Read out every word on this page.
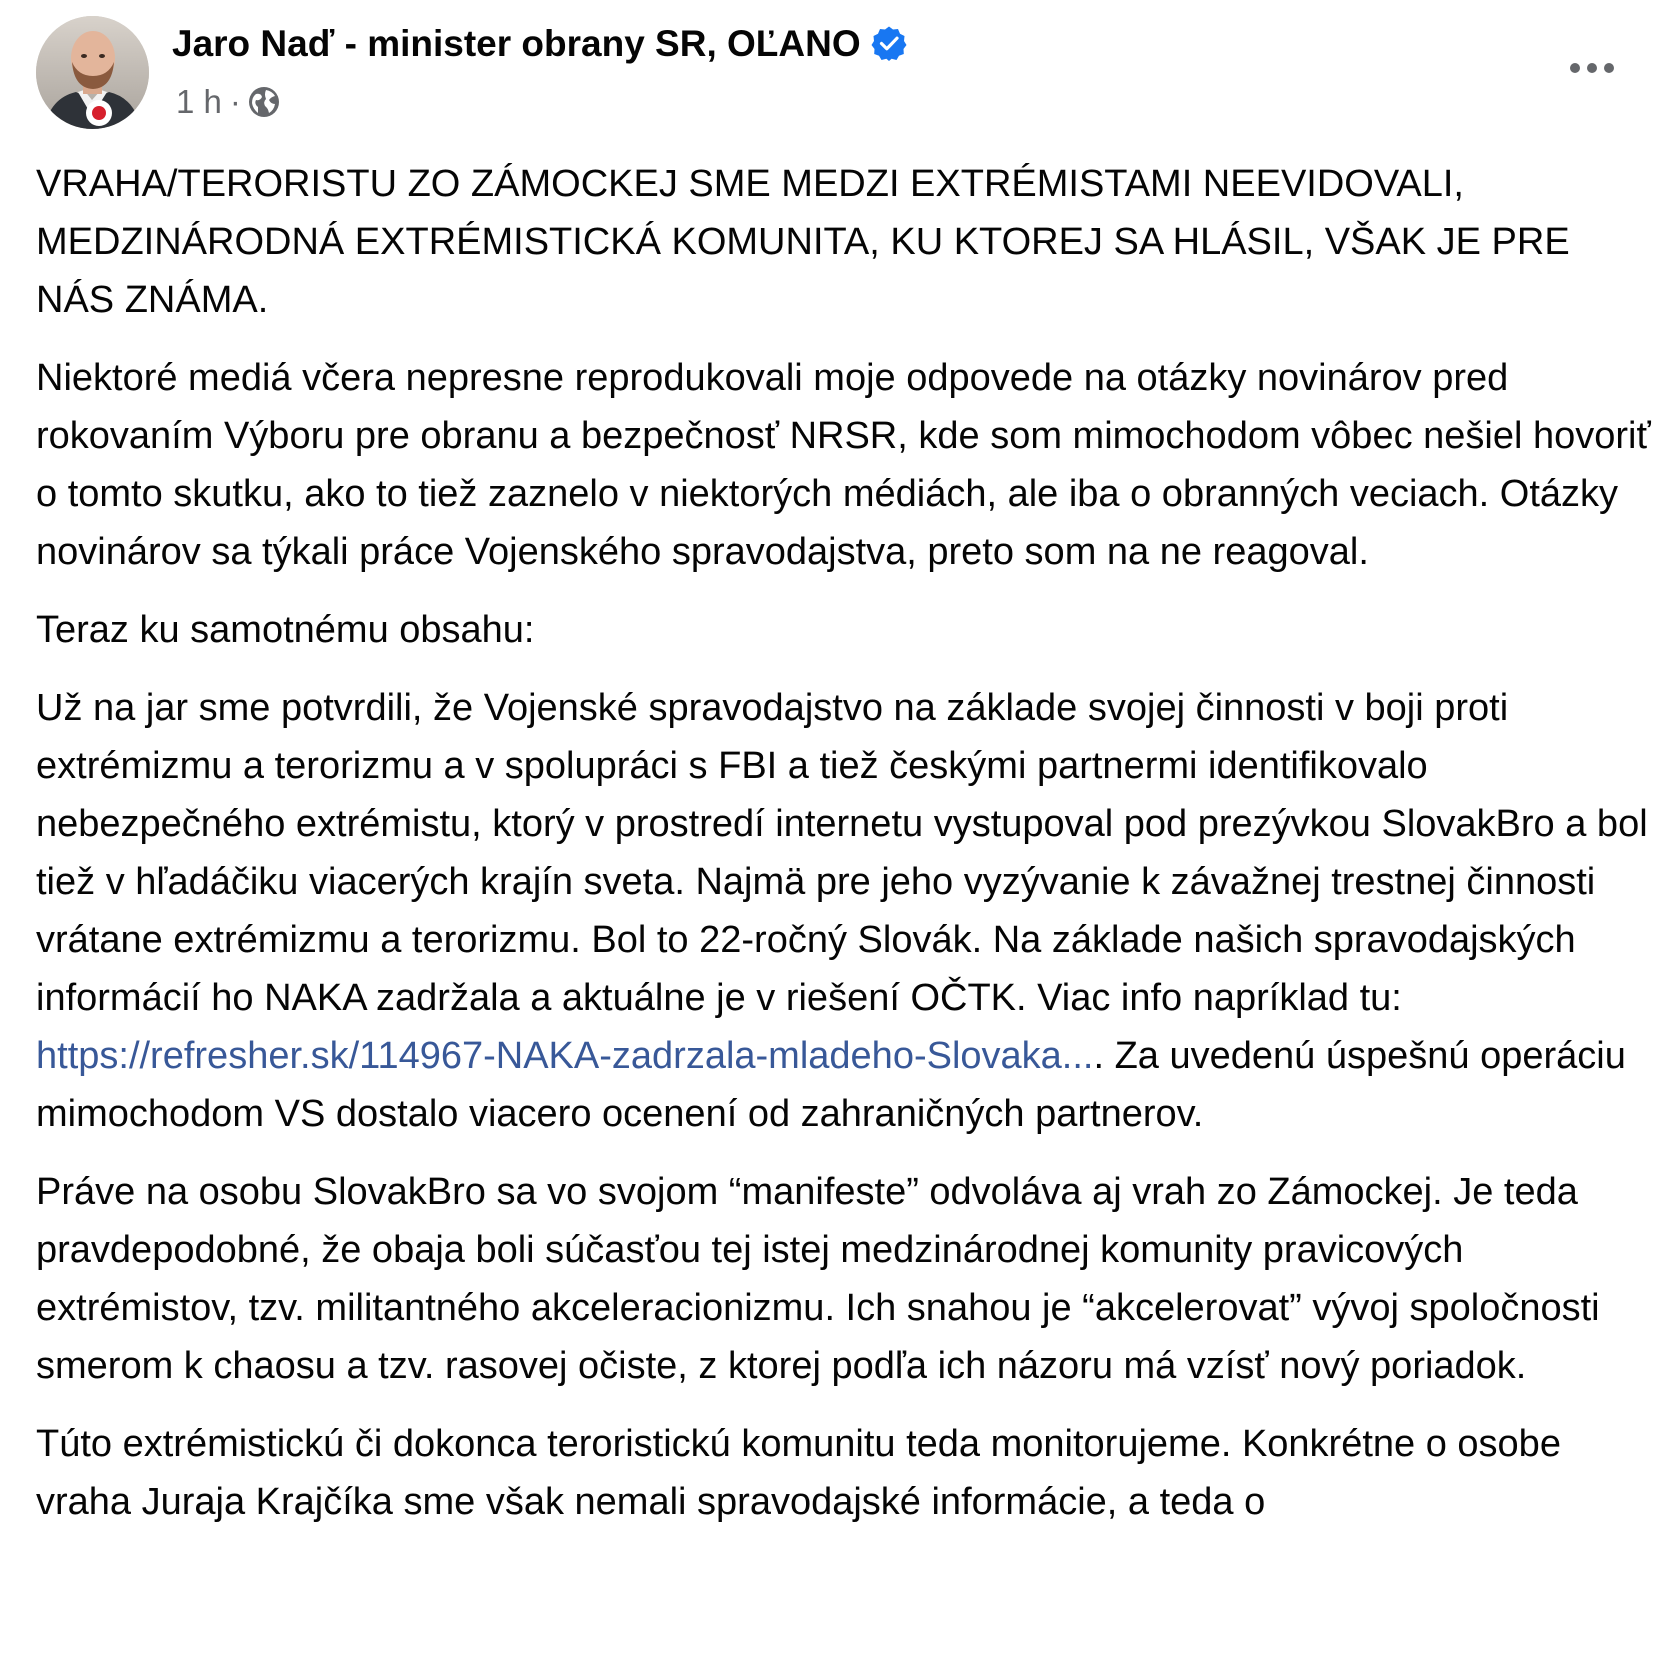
Jaro Naď - minister obrany SR, OĽANO
1 h ·

VRAHA/TERORISTU ZO ZÁMOCKEJ SME MEDZI EXTRÉMISTAMI NEEVIDOVALI, MEDZINÁRODNÁ EXTRÉMISTICKÁ KOMUNITA, KU KTOREJ SA HLÁSIL, VŠAK JE PRE NÁS ZNÁMA.

Niektoré mediá včera nepresne reprodukovali moje odpovede na otázky novinárov pred rokovaním Výboru pre obranu a bezpečnosť NRSR, kde som mimochodom vôbec nešiel hovoriť o tomto skutku, ako to tiež zaznelo v niektorých médiách, ale iba o obranných veciach. Otázky novinárov sa týkali práce Vojenského spravodajstva, preto som na ne reagoval.

Teraz ku samotnému obsahu:

Už na jar sme potvrdili, že Vojenské spravodajstvo na základe svojej činnosti v boji proti extrémizmu a terorizmu a v spolupráci s FBI a tiež českými partnermi identifikovalo nebezpečného extrémistu, ktorý v prostredí internetu vystupoval pod prezývkou SlovakBro a bol tiež v hľadáčiku viacerých krajín sveta. Najmä pre jeho vyzývanie k závažnej trestnej činnosti vrátane extrémizmu a terorizmu. Bol to 22-ročný Slovák. Na základe našich spravodajských informácií ho NAKA zadržala a aktuálne je v riešení OČTK. Viac info napríklad tu: https://refresher.sk/114967-NAKA-zadrzala-mladeho-Slovaka.... Za uvedenú úspešnú operáciu mimochodom VS dostalo viacero ocenení od zahraničných partnerov.

Práve na osobu SlovakBro sa vo svojom “manifeste” odvoláva aj vrah zo Zámockej. Je teda pravdepodobné, že obaja boli súčasťou tej istej medzinárodnej komunity pravicových extrémistov, tzv. militantného akceleracionizmu. Ich snahou je “akcelerovat” vývoj spoločnosti smerom k chaosu a tzv. rasovej očiste, z ktorej podľa ich názoru má vzísť nový poriadok.

Túto extrémistickú či dokonca teroristickú komunitu teda monitorujeme. Konkrétne o osobe vraha Juraja Krajčíka sme však nemali spravodajské informácie, a teda o
